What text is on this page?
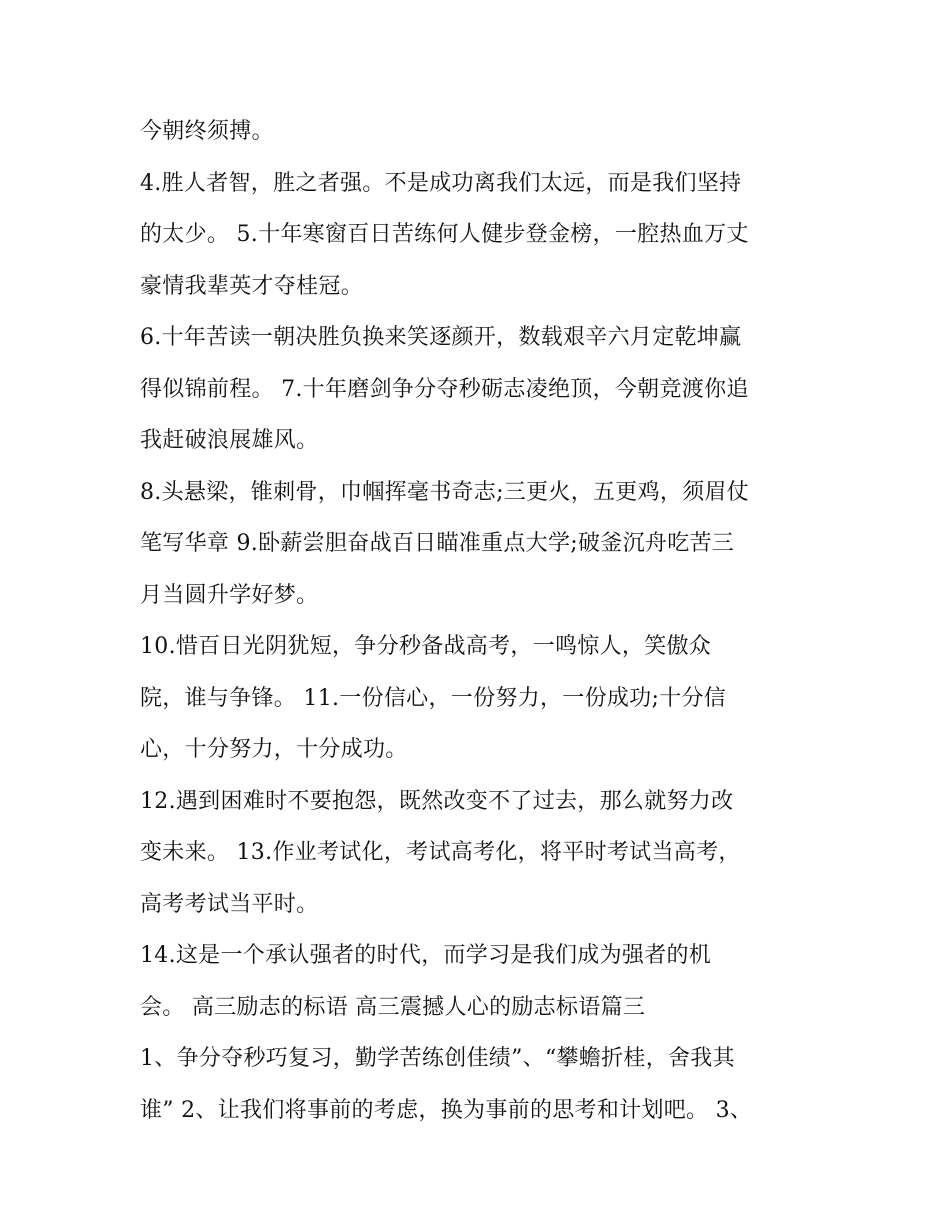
今朝终须搏。
4.胜人者智，胜之者强。不是成功离我们太远，而是我们坚持
的太少。 5.十年寒窗百日苦练何人健步登金榜，一腔热血万丈
豪情我辈英才夺桂冠。
6.十年苦读一朝决胜负换来笑逐颜开，数载艰辛六月定乾坤赢
得似锦前程。 7.十年磨剑争分夺秒砺志凌绝顶，今朝竞渡你追
我赶破浪展雄风。
8.头悬梁，锥刺骨，巾帼挥毫书奇志;三更火，五更鸡，须眉仗
笔写华章 9.卧薪尝胆奋战百日瞄准重点大学;破釜沉舟吃苦三
月当圆升学好梦。
10.惜百日光阴犹短，争分秒备战高考，一鸣惊人，笑傲众
院，谁与争锋。 11.一份信心，一份努力，一份成功;十分信
心，十分努力，十分成功。
12.遇到困难时不要抱怨，既然改变不了过去，那么就努力改
变未来。 13.作业考试化，考试高考化，将平时考试当高考，
高考考试当平时。
14.这是一个承认强者的时代，而学习是我们成为强者的机
会。 高三励志的标语 高三震撼人心的励志标语篇三
1、争分夺秒巧复习，勤学苦练创佳绩”、“攀蟾折桂，舍我其
谁” 2、让我们将事前的考虑，换为事前的思考和计划吧。 3、
